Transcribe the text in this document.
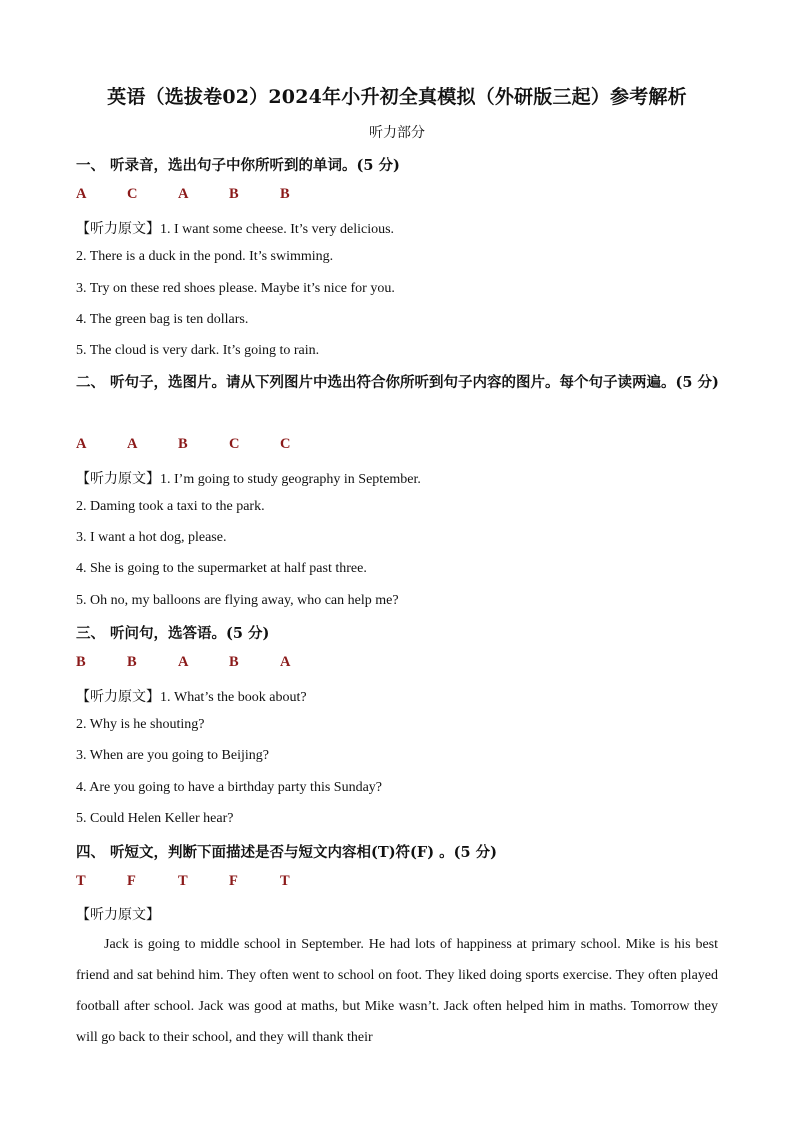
英语（选拔卷02）2024年小升初全真模拟（外研版三起）参考解析
听力部分
一、 听录音，选出句子中你所听到的单词。(5 分)
A	C	A	B	B
【听力原文】1. I want some cheese. It’s very delicious.
2. There is a duck in the pond. It’s swimming.
3. Try on these red shoes please. Maybe it’s nice for you.
4. The green bag is ten dollars.
5. The cloud is very dark. It’s going to rain.
二、 听句子，选图片。请从下列图片中选出符合你所听到句子内容的图片。每个句子读两遍。(5 分)
A	A	B	C	C
【听力原文】1. I’m going to study geography in September.
2. Daming took a taxi to the park.
3. I want a hot dog, please.
4. She is going to the supermarket at half past three.
5. Oh no, my balloons are flying away, who can help me?
三、 听问句，选答语。(5 分)
B	B	A	B	A
【听力原文】1. What’s the book about?
2. Why is he shouting?
3. When are you going to Beijing?
4. Are you going to have a birthday party this Sunday?
5. Could Helen Keller hear?
四、 听短文，判断下面描述是否与短文内容相(T)符(F) 。(5 分)
T	F	T	F	T
【听力原文】
Jack is going to middle school in September. He had lots of happiness at primary school. Mike is his best friend and sat behind him. They often went to school on foot. They liked doing sports exercise. They often played football after school. Jack was good at maths, but Mike wasn’t. Jack often helped him in maths. Tomorrow they will go back to their school, and they will thank their
